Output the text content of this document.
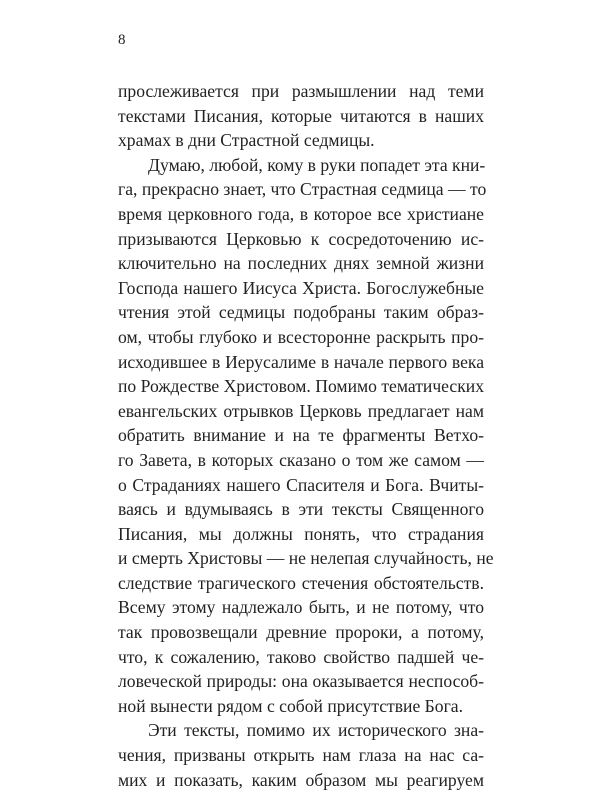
8
прослеживается при размышлении над теми
текстами Писания, которые читаются в наших
храмах в дни Страстной седмицы.
Думаю, любой, кому в руки попадет эта кни-
га, прекрасно знает, что Страстная седмица — то
время церковного года, в которое все христиане
призываются Церковью к сосредоточению ис-
ключительно на последних днях земной жизни
Господа нашего Иисуса Христа. Богослужебные
чтения этой седмицы подобраны таким образ-
ом, чтобы глубоко и всесторонне раскрыть про-
исходившее в Иерусалиме в начале первого века
по Рождестве Христовом. Помимо тематических
евангельских отрывков Церковь предлагает нам
обратить внимание и на те фрагменты Ветхо-
го Завета, в которых сказано о том же самом —
о Страданиях нашего Спасителя и Бога. Вчиты-
ваясь и вдумываясь в эти тексты Священного
Писания, мы должны понять, что страдания
и смерть Христовы — не нелепая случайность, не
следствие трагического стечения обстоятельств.
Всему этому надлежало быть, и не потому, что
так провозвещали древние пророки, а потому,
что, к сожалению, таково свойство падшей че-
ловеческой природы: она оказывается неспособ-
ной вынести рядом с собой присутствие Бога.
Эти тексты, помимо их исторического зна-
чения, призваны открыть нам глаза на нас са-
мих и показать, каким образом мы реагируем
